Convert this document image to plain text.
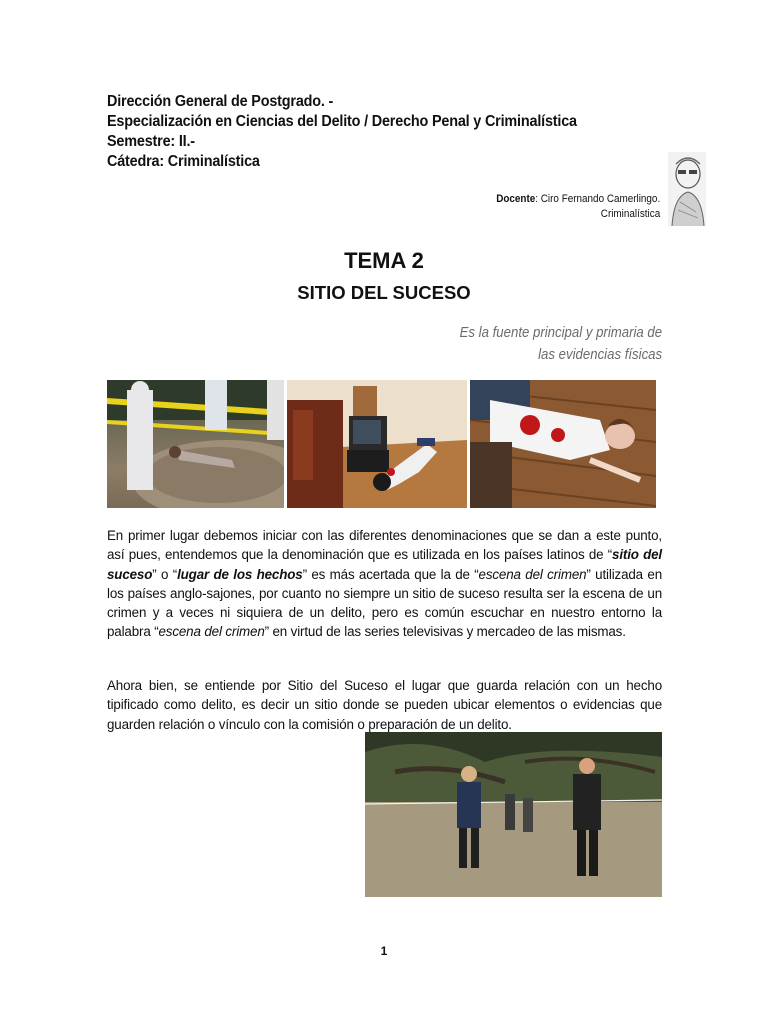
Dirección General de Postgrado. -
Especialización en Ciencias del Delito / Derecho Penal y Criminalística
Semestre: II.-
Cátedra: Criminalística
Docente: Ciro Fernando Camerlingo.
Criminalística
TEMA 2
SITIO DEL SUCESO
Es la fuente principal y primaria de
las evidencias físicas
En primer lugar debemos iniciar con las diferentes denominaciones que se dan a este punto, así pues, entendemos que la denominación que es utilizada en los países latinos de “sitio del suceso” o “lugar de los hechos” es más acertada que la de “escena del crimen” utilizada en los países anglo-sajones, por cuanto no siempre un sitio de suceso resulta ser la escena de un crimen y a veces ni siquiera de un delito, pero es común escuchar en nuestro entorno la palabra “escena del crimen” en virtud de las series televisivas y mercadeo de las mismas.
Ahora bien, se entiende por Sitio del Suceso el lugar que guarda relación con un hecho tipificado como delito, es decir un sitio donde se pueden ubicar elementos o evidencias que guarden relación o vínculo con la comisión o preparación de un delito.
1
